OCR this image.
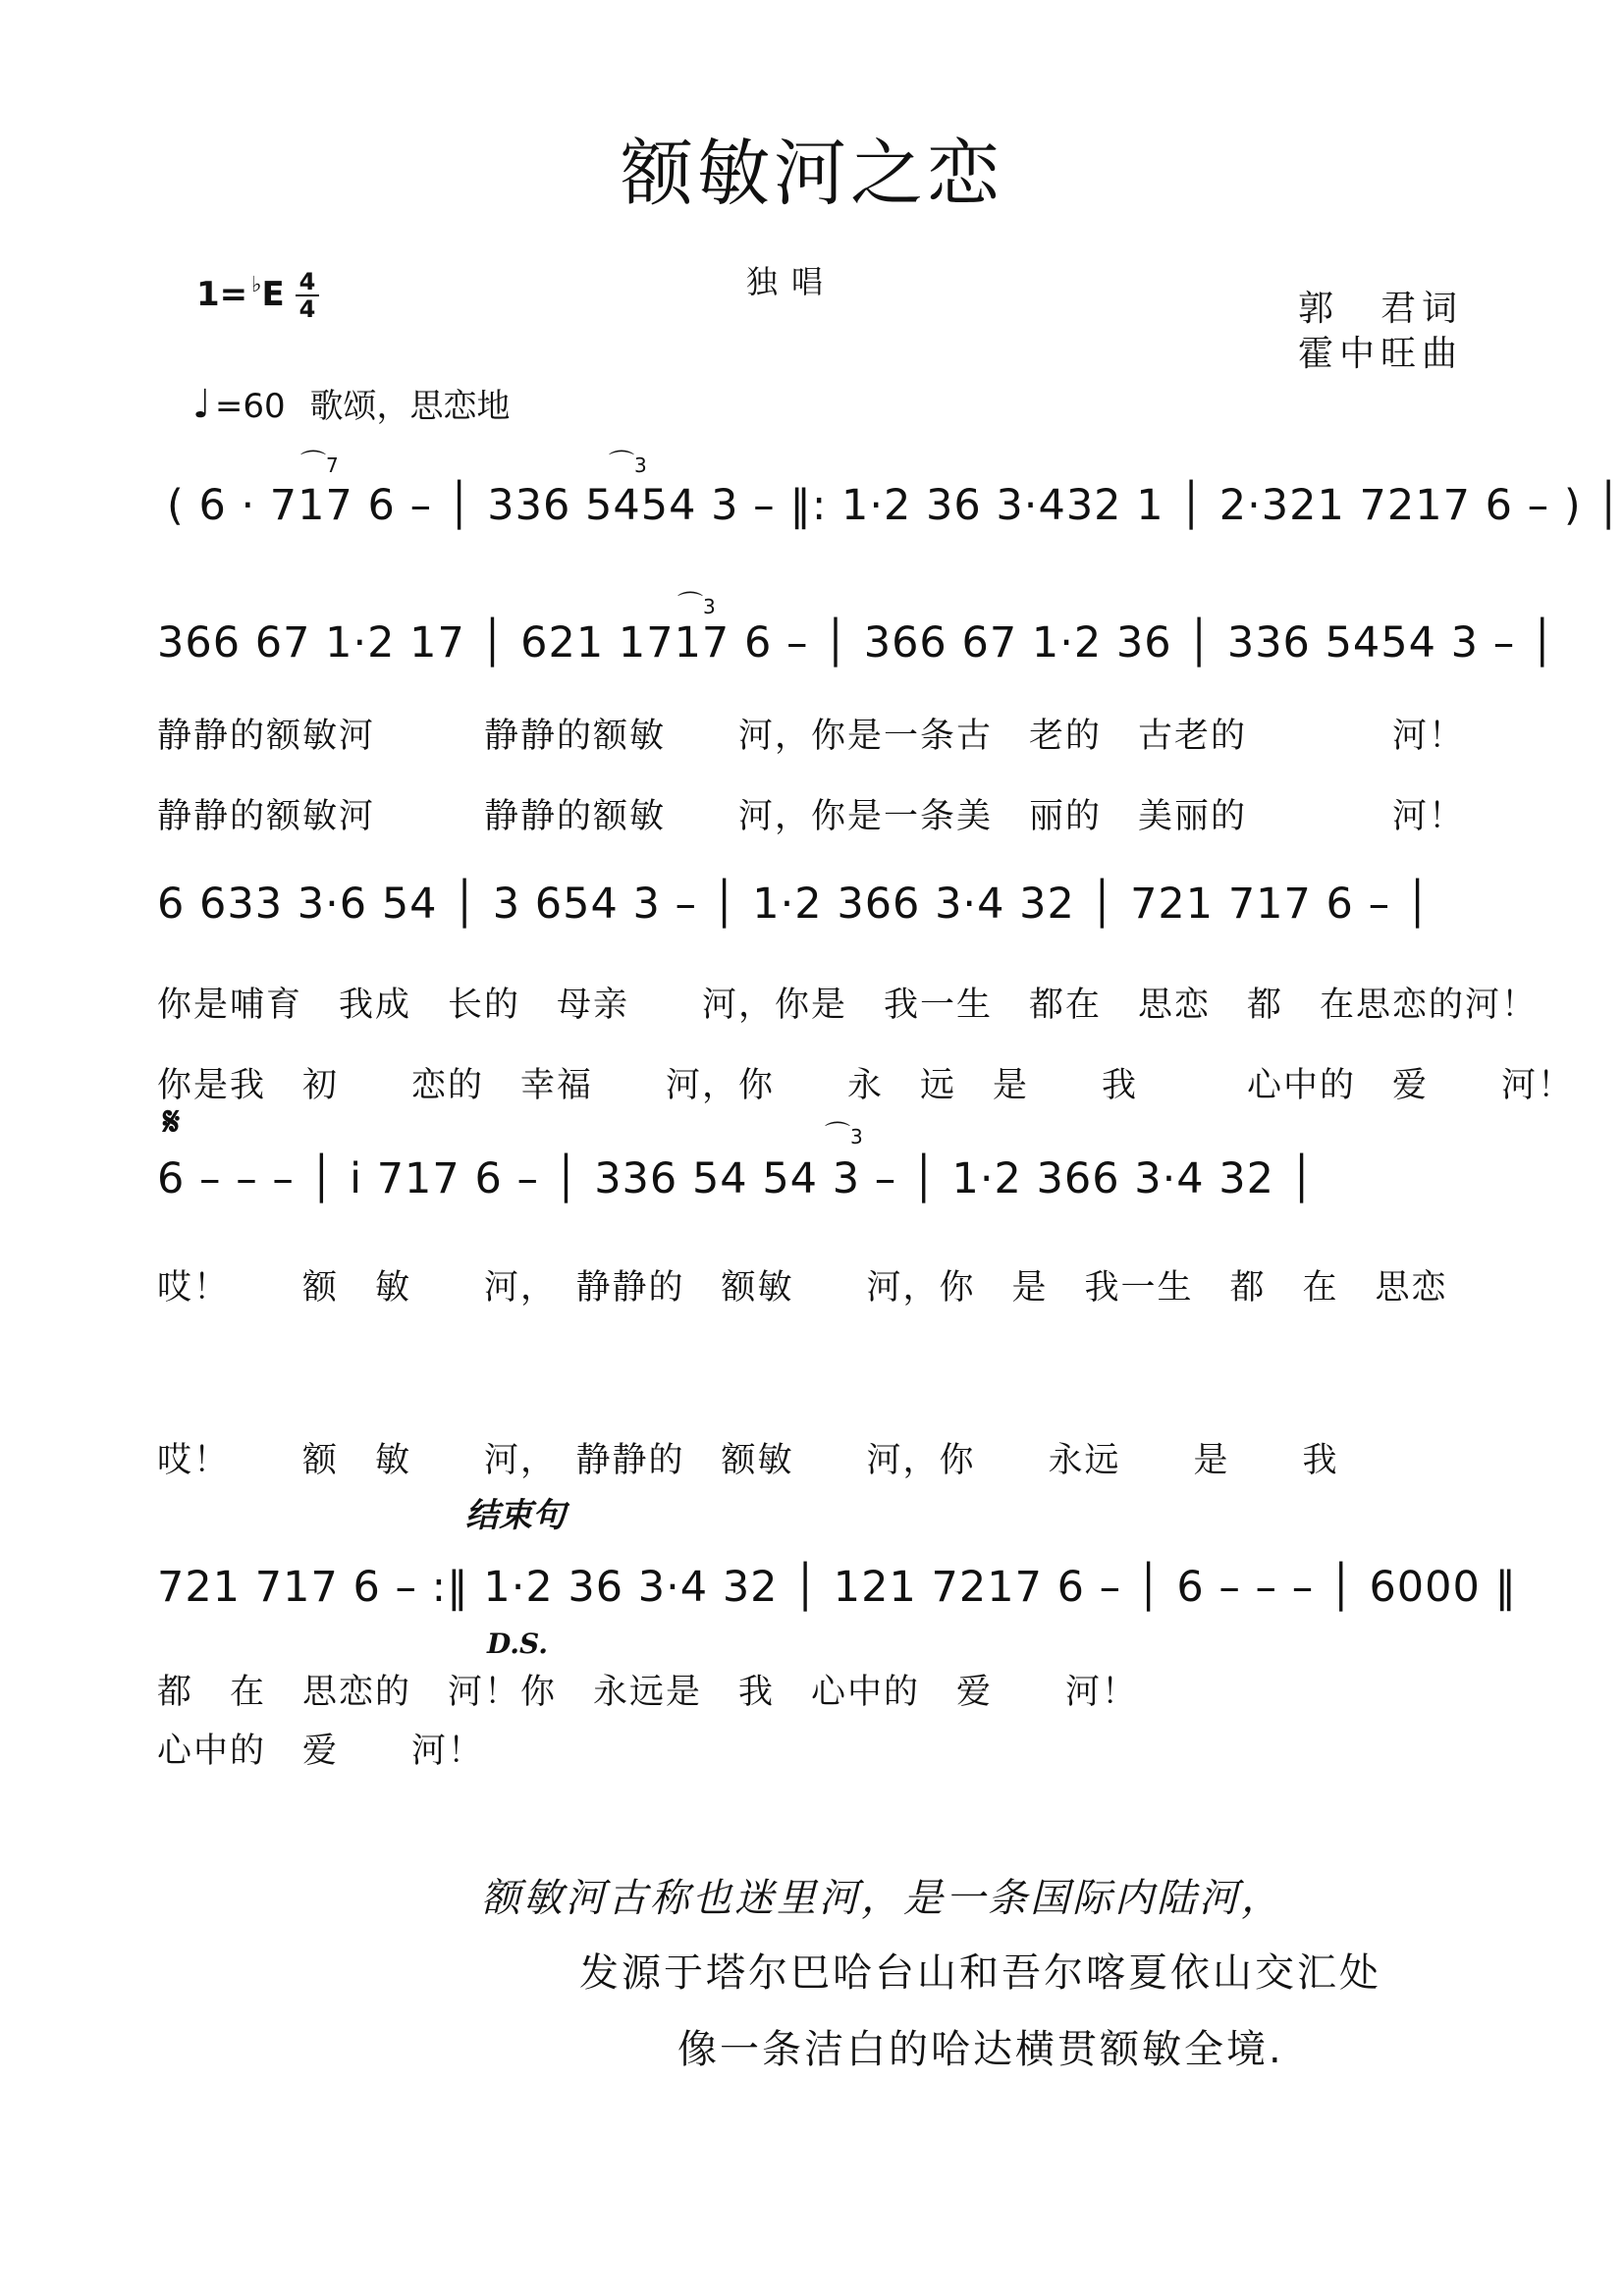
额敏河之恋
独唱
郭　君词
霍中旺曲
1= ♭E 4
4
♩ =60 歌颂，思恋地
⌒7	⌒3
( 6 · 717 6 – │ 336 5454 3 – ‖: 1·2 36 3·432 1 │ 2·321 7217 6 – ) │
⌒3
366 67 1·2 17 │ 621 1717 6 – │ 366 67 1·2 36 │ 336 5454 3 – │
静静的额敏河　　　静静的额敏　　河，你是一条古　老的　古老的　　　　河！
静静的额敏河　　　静静的额敏　　河，你是一条美　丽的　美丽的　　　　河！
6 633 3·6 54 │ 3 654 3 – │ 1·2 366 3·4 32 │ 721 717 6 – │
你是哺育　我成　长的　母亲　　河，你是　我一生　都在　思恋　都　在思恋的河！
你是我　初　　恋的　幸福　　河，你　　永　远　是　　我　　　心中的　爱　　河！
𝄋	⌒3
6 – – – │ i 717 6 – │ 336 54 54 3 – │ 1·2 366 3·4 32 │
哎！　　额　敏　　河，　静静的　额敏　　河，你　是　我一生　都　在　思恋
哎！　　额　敏　　河，　静静的　额敏　　河，你　　永远　　是　　我
结束句
721 717 6 – :‖ 1·2 36 3·4 32 │ 121 7217 6 – │ 6 – – – │ 6000 ‖
D.S.
都　在　思恋的　河！ 你　永远是　我　心中的　爱　　河！
心中的　爱　　河！
额敏河古称也迷里河，是一条国际内陆河，
发源于塔尔巴哈台山和吾尔喀夏依山交汇处
像一条洁白的哈达横贯额敏全境.
